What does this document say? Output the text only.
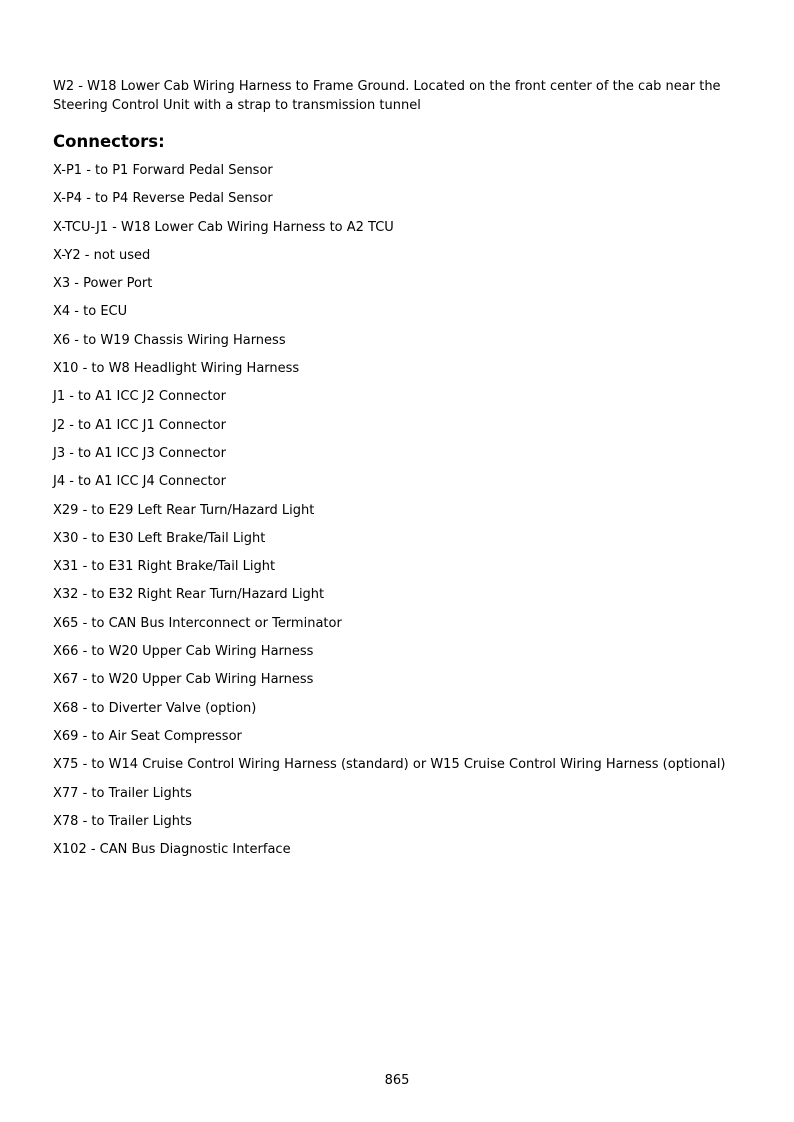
W2 - W18 Lower Cab Wiring Harness to Frame Ground. Located on the front center of the cab near the Steering Control Unit with a strap to transmission tunnel

Connectors:
X-P1 - to P1 Forward Pedal Sensor
X-P4 - to P4 Reverse Pedal Sensor
X-TCU-J1 - W18 Lower Cab Wiring Harness to A2 TCU
X-Y2 - not used
X3 - Power Port
X4 - to ECU
X6 - to W19 Chassis Wiring Harness
X10 - to W8 Headlight Wiring Harness
J1 - to A1 ICC J2 Connector
J2 - to A1 ICC J1 Connector
J3 - to A1 ICC J3 Connector
J4 - to A1 ICC J4 Connector
X29 - to E29 Left Rear Turn/Hazard Light
X30 - to E30 Left Brake/Tail Light
X31 - to E31 Right Brake/Tail Light
X32 - to E32 Right Rear Turn/Hazard Light
X65 - to CAN Bus Interconnect or Terminator
X66 - to W20 Upper Cab Wiring Harness
X67 - to W20 Upper Cab Wiring Harness
X68 - to Diverter Valve (option)
X69 - to Air Seat Compressor
X75 - to W14 Cruise Control Wiring Harness (standard) or W15 Cruise Control Wiring Harness (optional)
X77 - to Trailer Lights
X78 - to Trailer Lights
X102 - CAN Bus Diagnostic Interface
865
